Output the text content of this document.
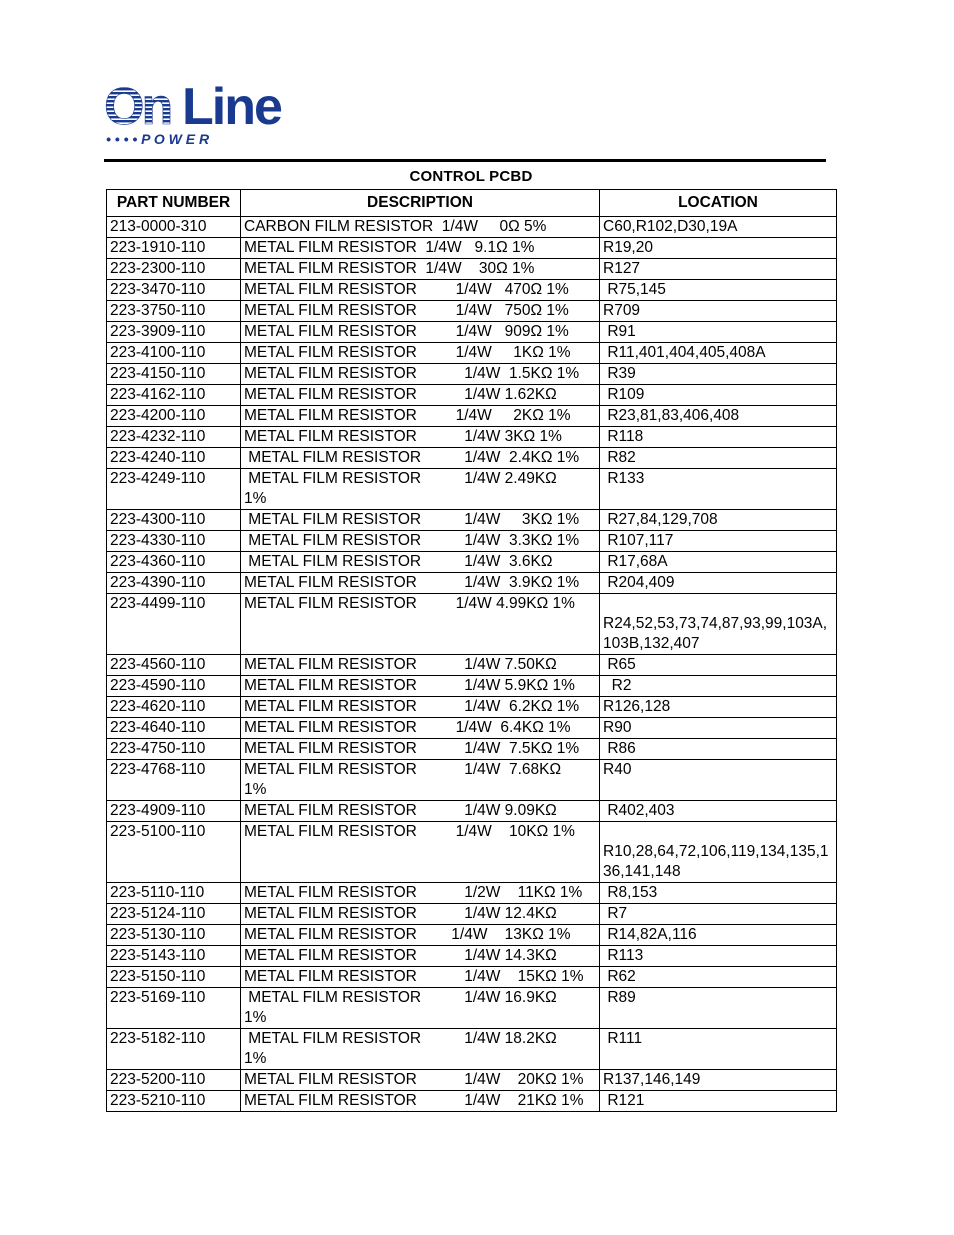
On Line
• • • • P O W E R
CONTROL PCBD
PART NUMBER	DESCRIPTION	LOCATION
213-0000-310	CARBON FILM RESISTOR  1/4W     0Ω 5%	C60,R102,D30,19A
223-1910-110	METAL FILM RESISTOR  1/4W   9.1Ω 1%	R19,20
223-2300-110	METAL FILM RESISTOR  1/4W    30Ω 1%	R127
223-3470-110	METAL FILM RESISTOR         1/4W   470Ω 1%	R75,145
223-3750-110	METAL FILM RESISTOR         1/4W   750Ω 1%	R709
223-3909-110	METAL FILM RESISTOR         1/4W   909Ω 1%	R91
223-4100-110	METAL FILM RESISTOR         1/4W     1KΩ 1%	R11,401,404,405,408A
223-4150-110	METAL FILM RESISTOR           1/4W  1.5KΩ 1%	R39
223-4162-110	METAL FILM RESISTOR           1/4W 1.62KΩ	R109
223-4200-110	METAL FILM RESISTOR         1/4W     2KΩ 1%	R23,81,83,406,408
223-4232-110	METAL FILM RESISTOR           1/4W 3KΩ 1%	R118
223-4240-110	METAL FILM RESISTOR          1/4W  2.4KΩ 1%	R82
223-4249-110	METAL FILM RESISTOR          1/4W 2.49KΩ
1%	R133
223-4300-110	METAL FILM RESISTOR          1/4W     3KΩ 1%	R27,84,129,708
223-4330-110	METAL FILM RESISTOR          1/4W  3.3KΩ 1%	R107,117
223-4360-110	METAL FILM RESISTOR          1/4W  3.6KΩ	R17,68A
223-4390-110	METAL FILM RESISTOR           1/4W  3.9KΩ 1%	R204,409
223-4499-110	METAL FILM RESISTOR         1/4W 4.99KΩ 1%	
R24,52,53,73,74,87,93,99,103A,103B,132,407
223-4560-110	METAL FILM RESISTOR           1/4W 7.50KΩ	R65
223-4590-110	METAL FILM RESISTOR           1/4W 5.9KΩ 1%	R2
223-4620-110	METAL FILM RESISTOR           1/4W  6.2KΩ 1%	R126,128
223-4640-110	METAL FILM RESISTOR         1/4W  6.4KΩ 1%	R90
223-4750-110	METAL FILM RESISTOR           1/4W  7.5KΩ 1%	R86
223-4768-110	METAL FILM RESISTOR           1/4W  7.68KΩ
1%	R40
223-4909-110	METAL FILM RESISTOR           1/4W 9.09KΩ	R402,403
223-5100-110	METAL FILM RESISTOR         1/4W    10KΩ 1%	
R10,28,64,72,106,119,134,135,136,141,148
223-5110-110	METAL FILM RESISTOR           1/2W    11KΩ 1%	R8,153
223-5124-110	METAL FILM RESISTOR           1/4W 12.4KΩ	R7
223-5130-110	METAL FILM RESISTOR        1/4W    13KΩ 1%	R14,82A,116
223-5143-110	METAL FILM RESISTOR           1/4W 14.3KΩ	R113
223-5150-110	METAL FILM RESISTOR           1/4W    15KΩ 1%	R62
223-5169-110	METAL FILM RESISTOR          1/4W 16.9KΩ
1%	R89
223-5182-110	METAL FILM RESISTOR          1/4W 18.2KΩ
1%	R111
223-5200-110	METAL FILM RESISTOR           1/4W    20KΩ 1%	R137,146,149
223-5210-110	METAL FILM RESISTOR           1/4W    21KΩ 1%	R121
